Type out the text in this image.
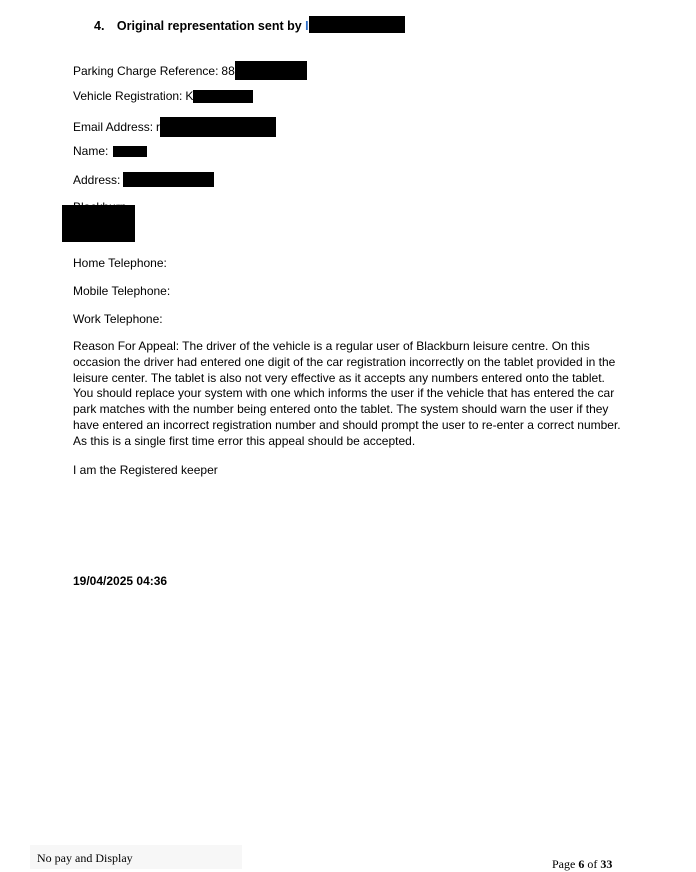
4. Original representation sent by I
Parking Charge Reference: 88
Vehicle Registration: K
Email Address: r
Name:
Address:
Home Telephone:
Mobile Telephone:
Work Telephone:
Reason For Appeal: The driver of the vehicle is a regular user of Blackburn leisure centre. On this occasion the driver had entered one digit of the car registration incorrectly on the tablet provided in the leisure center. The tablet is also not very effective as it accepts any numbers entered onto the tablet. You should replace your system with one which informs the user if the vehicle that has entered the car park matches with the number being entered onto the tablet. The system should warn the user if they have entered an incorrect registration number and should prompt the user to re-enter a correct number. As this is a single first time error this appeal should be accepted.
I am the Registered keeper
19/04/2025 04:36
No pay and Display	Page 6 of 33
